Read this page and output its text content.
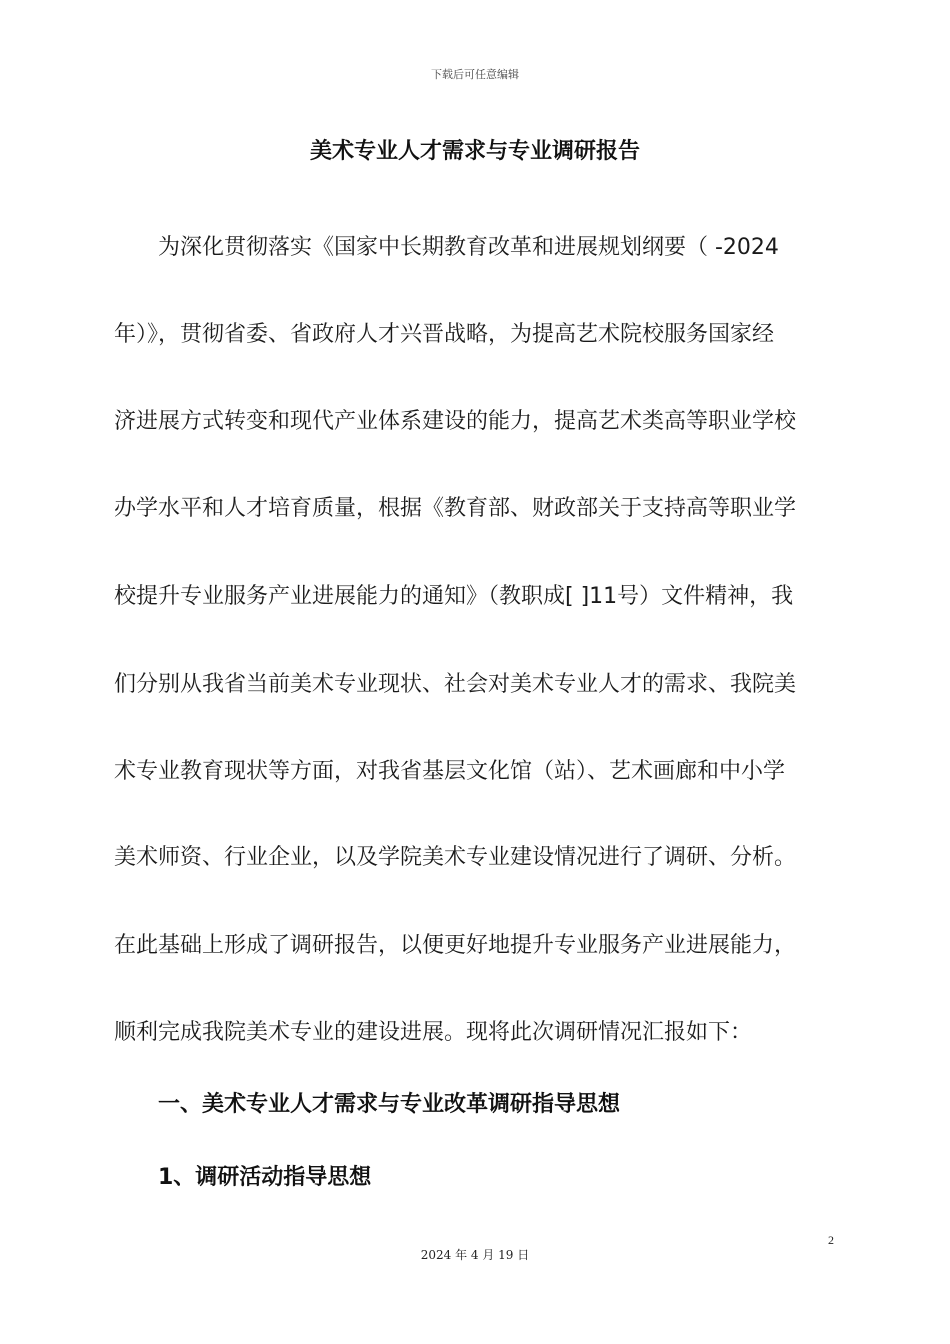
下载后可任意编辑
美术专业人才需求与专业调研报告
为深化贯彻落实《国家中长期教育改革和进展规划纲要（ -2024
年）》，贯彻省委、省政府人才兴晋战略，为提高艺术院校服务国家经
济进展方式转变和现代产业体系建设的能力，提高艺术类高等职业学校
办学水平和人才培育质量，根据《教育部、财政部关于支持高等职业学
校提升专业服务产业进展能力的通知》（教职成[ ]11号）文件精神，我
们分别从我省当前美术专业现状、社会对美术专业人才的需求、我院美
术专业教育现状等方面，对我省基层文化馆（站）、艺术画廊和中小学
美术师资、行业企业，以及学院美术专业建设情况进行了调研、分析。
在此基础上形成了调研报告，以便更好地提升专业服务产业进展能力，
顺利完成我院美术专业的建设进展。现将此次调研情况汇报如下：
一、美术专业人才需求与专业改革调研指导思想
1、调研活动指导思想
2
2024 年 4 月 19 日
